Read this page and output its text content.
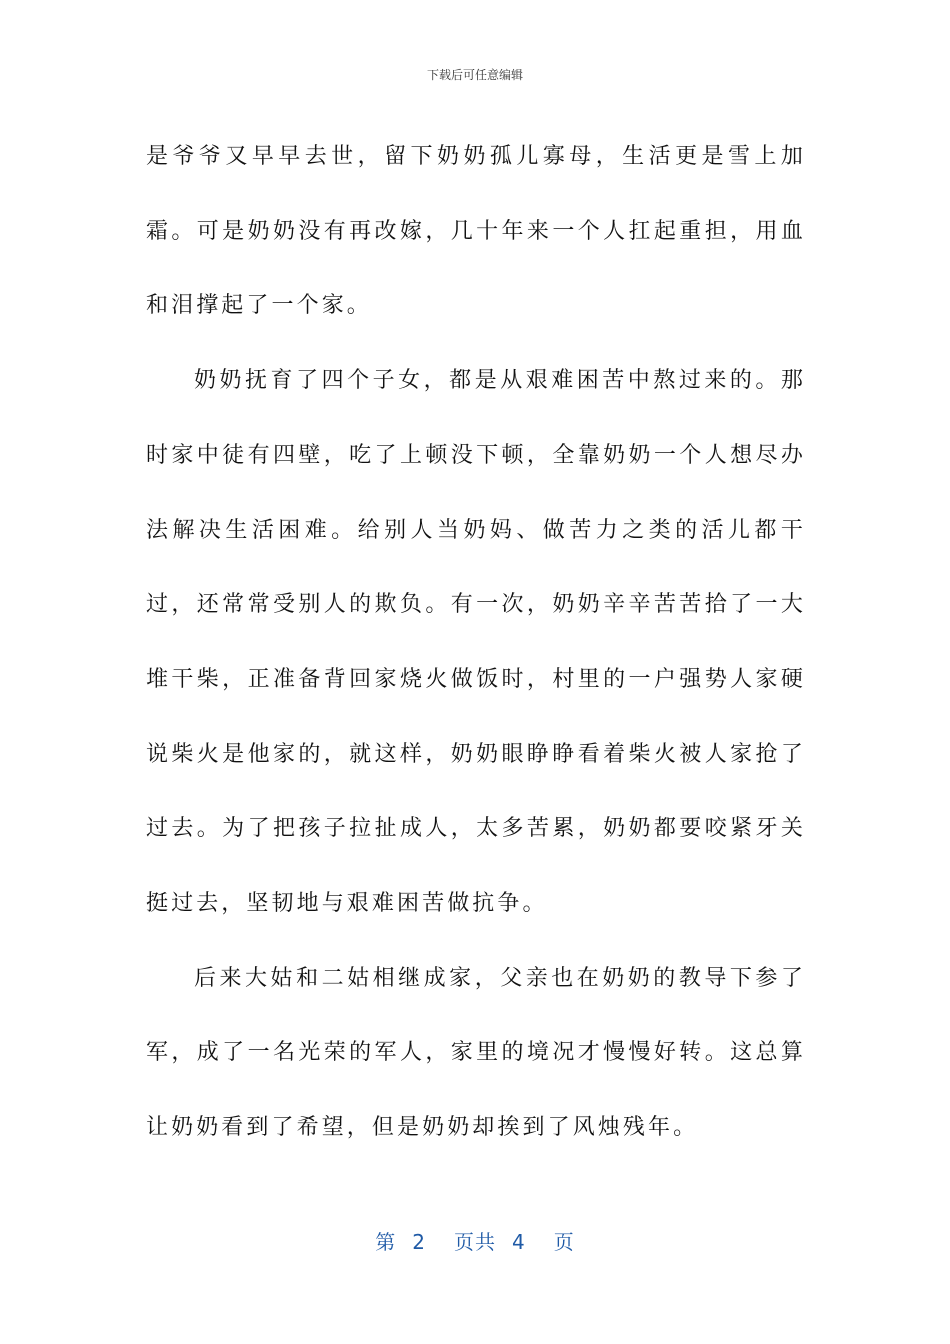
下载后可任意编辑

是爷爷又早早去世，留下奶奶孤儿寡母，生活更是雪上加霜。可是奶奶没有再改嫁，几十年来一个人扛起重担，用血和泪撑起了一个家。

奶奶抚育了四个子女，都是从艰难困苦中熬过来的。那时家中徒有四壁，吃了上顿没下顿，全靠奶奶一个人想尽办法解决生活困难。给别人当奶妈、做苦力之类的活儿都干过，还常常受别人的欺负。有一次，奶奶辛辛苦苦拾了一大堆干柴，正准备背回家烧火做饭时，村里的一户强势人家硬说柴火是他家的，就这样，奶奶眼睁睁看着柴火被人家抢了过去。为了把孩子拉扯成人，太多苦累，奶奶都要咬紧牙关挺过去，坚韧地与艰难困苦做抗争。

后来大姑和二姑相继成家，父亲也在奶奶的教导下参了军，成了一名光荣的军人，家里的境况才慢慢好转。这总算让奶奶看到了希望，但是奶奶却挨到了风烛残年。

第 2 页共 4 页
